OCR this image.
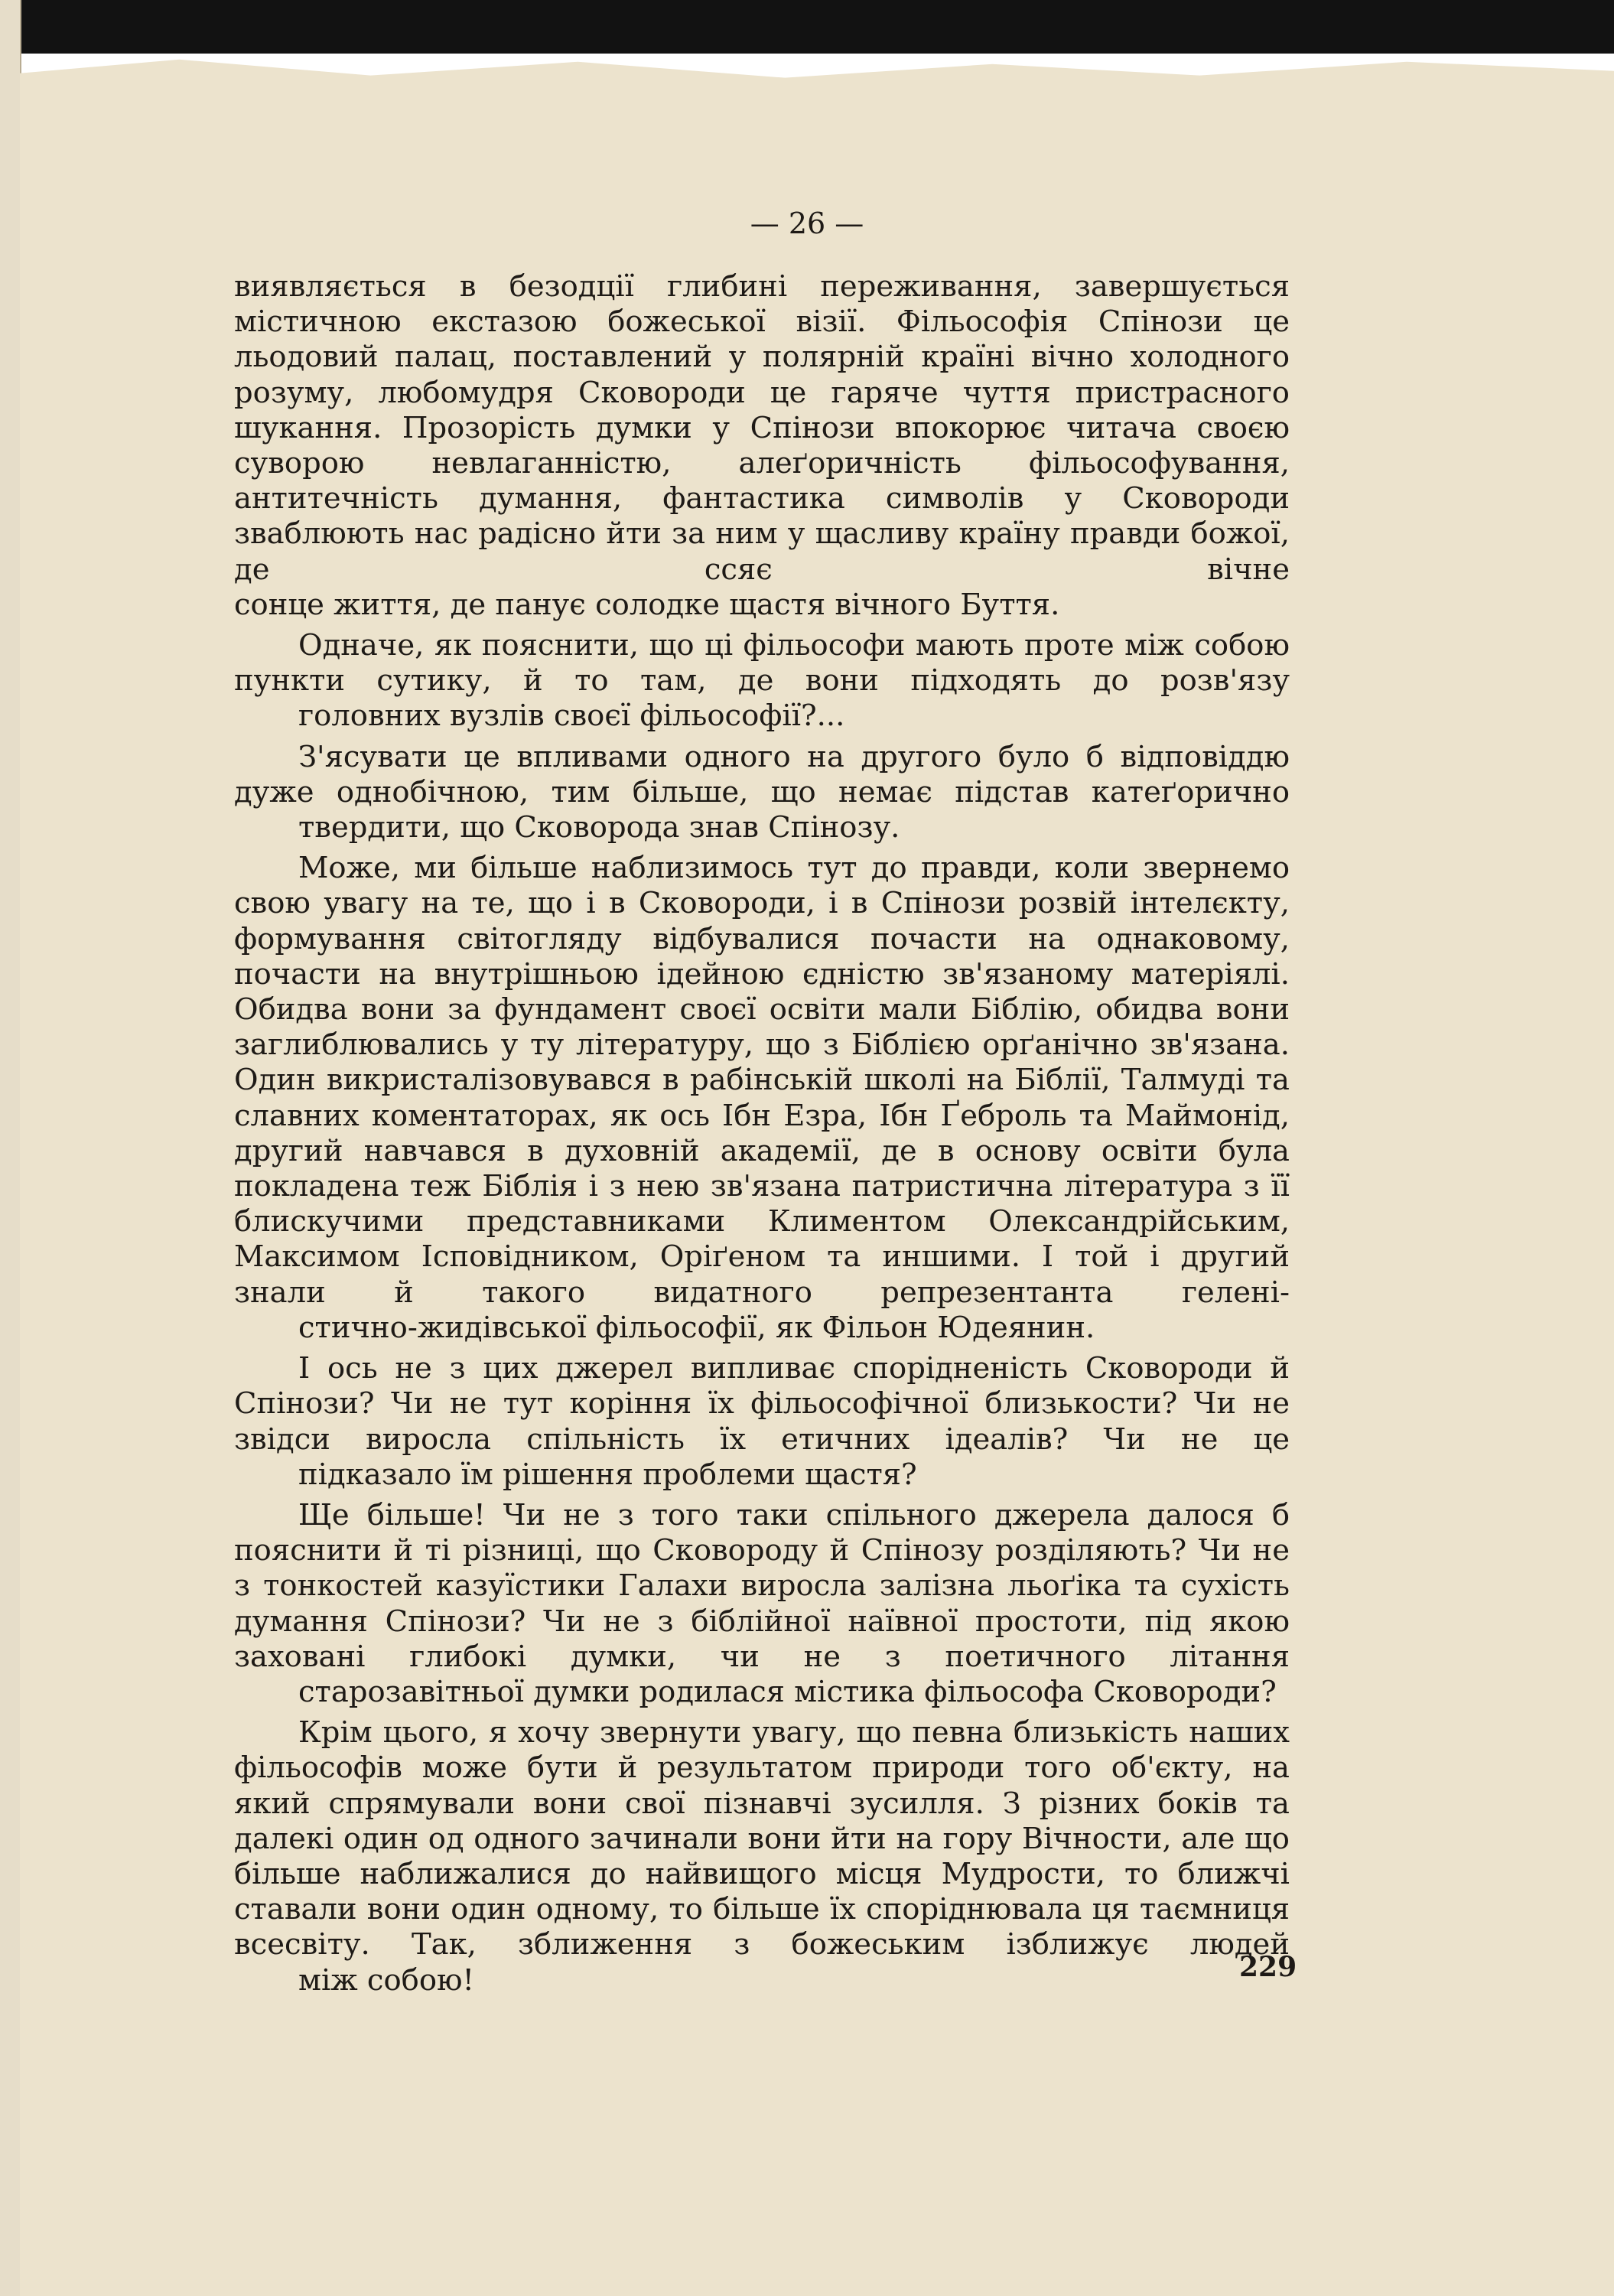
— 26 —

виявляється в безодції глибині переживання, завершується містичною екстазою божеської візії. Фільософія Спінози це льодовий палац, поставлений у полярній країні вічно холодного розуму, любомудря Сковороди це гаряче чуття пристрасного шукання. Прозорість думки у Спінози впокорює читача своєю суворою невлаганністю, алеґоричність фільософування, антитечність думання, фантастика символів у Сковороди зваблюють нас радісно йти за ним у щасливу країну правди божої, де ссяє вічне
сонце життя, де панує солодке щастя вічного Буття.

Одначе, як пояснити, що ці фільософи мають проте між собою пункти сутику, й то там, де вони підходять до розв'язу
головних вузлів своєї фільософії?...

З'ясувати це впливами одного на другого було б відповіддю дуже однобічною, тим більше, що немає підстав катеґорично
твердити, що Сковорода знав Спінозу.

Може, ми більше наблизимось тут до правди, коли звернемо свою увагу на те, що і в Сковороди, і в Спінози розвій інтелєкту, формування світогляду відбувалися почасти на однаковому, почасти на внутрішньою ідейною єдністю зв'язаному матеріялі. Обидва вони за фундамент своєї освіти мали Біблію, обидва вони заглиблювались у ту літературу, що з Біблією орґанічно зв'язана. Один викристалізовувався в рабінській школі на Біблії, Талмуді та славних коментаторах, як ось Ібн Езра, Ібн Ґеброль та Маймонід, другий навчався в духовній академії, де в основу освіти була покладена теж Біблія і з нею зв'язана патристична література з її блискучими представниками Климентом Олександрійським, Максимом Ісповідником, Оріґеном та иншими. І той і другий знали й такого видатного репрезентанта гелені-
стично-жидівської фільософії, як Фільон Юдеянин.

І ось не з цих джерел випливає спорідненість Сковороди й Спінози? Чи не тут коріння їх фільософічної близькости? Чи не звідси виросла спільність їх етичних ідеалів? Чи не це
підказало їм рішення проблеми щастя?

Ще більше! Чи не з того таки спільного джерела далося б пояснити й ті різниці, що Сковороду й Спінозу розділяють? Чи не з тонкостей казуїстики Галахи виросла залізна льоґіка та сухість думання Спінози? Чи не з біблійної наївної простоти, під якою заховані глибокі думки, чи не з поетичного літання
старозавітньої думки родилася містика фільософа Сковороди?

Крім цього, я хочу звернути увагу, що певна близькість наших фільософів може бути й результатом природи того об'єкту, на який спрямували вони свої пізнавчі зусилля. З різних боків та далекі один од одного зачинали вони йти на гору Вічности, але що більше наближалися до найвищого місця Мудрости, то ближчі ставали вони один одному, то більше їх споріднювала ця таємниця всесвіту. Так, зближення з божеським ізближує людей
між собою!	229
